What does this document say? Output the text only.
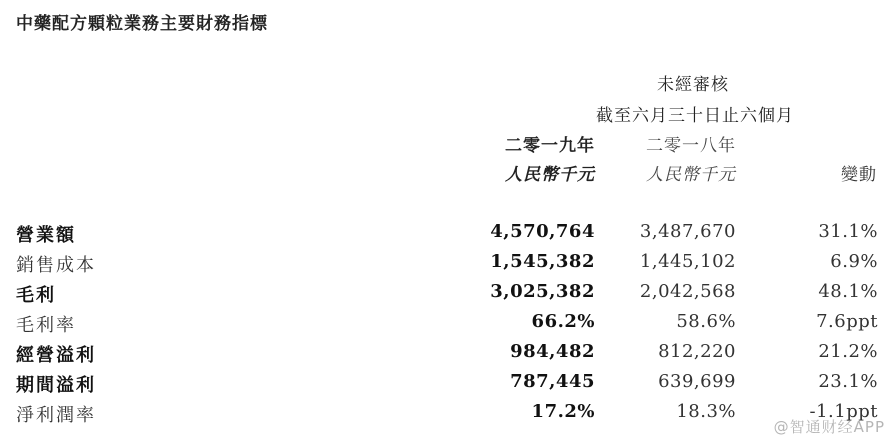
中藥配方顆粒業務主要財務指標
未經審核
截至六月三十日止六個月
二零一九年	二零一八年
人民幣千元	人民幣千元	變動
營業額	4,570,764 3,487,670	31.1%
銷售成本	1,545,382 1,445,102	6.9%
毛利	3,025,382 2,042,568	48.1%
毛利率	66.2%	58.6%	7.6ppt
經營溢利	984,482	812,220	21.2%
期間溢利	787,445	639,699	23.1%
淨利潤率	17.2%	18.3%	-1.1ppt
@智通财经APP
